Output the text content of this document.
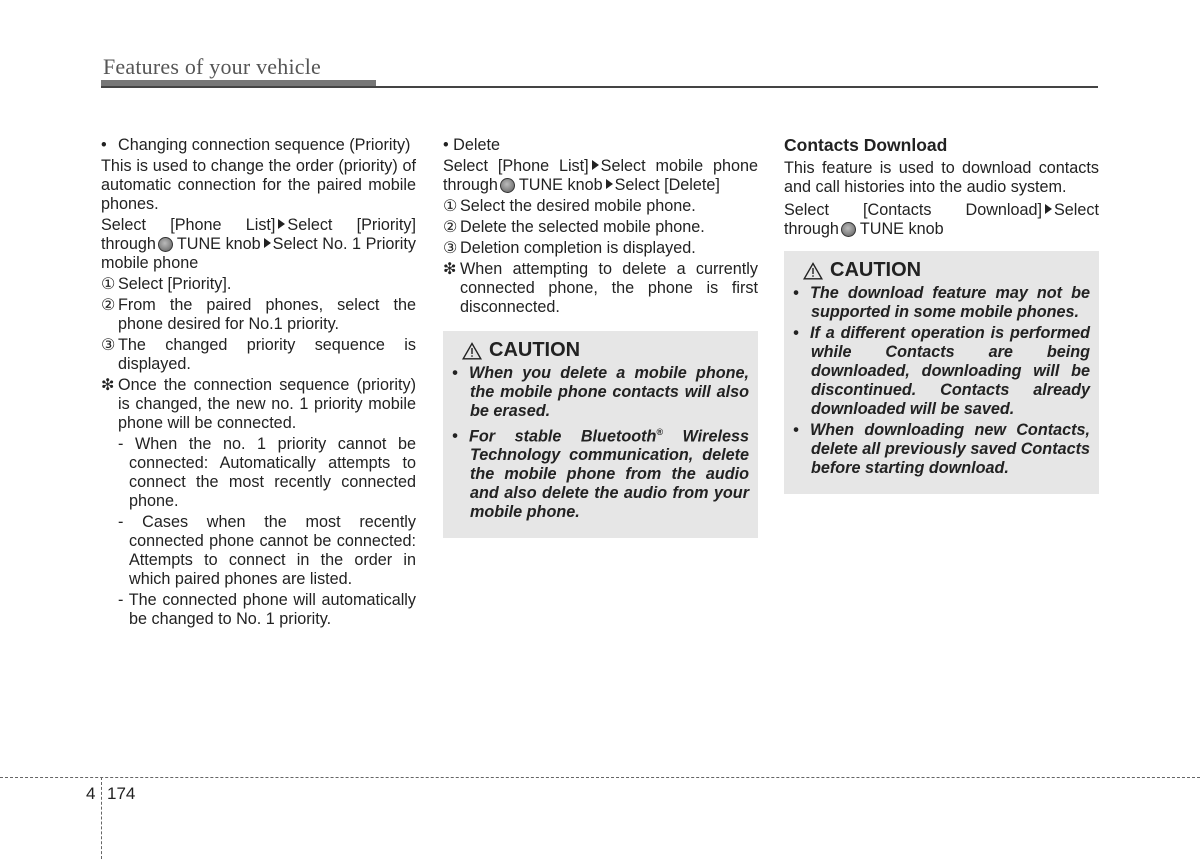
Features of your vehicle

• Changing connection sequence (Priority)

This is used to change the order (priority) of automatic connection for the paired mobile phones.

Select [Phone List] Select [Priority] through TUNE knob Select No. 1 Priority mobile phone

① Select [Priority].

② From the paired phones, select the phone desired for No.1 priority.

③ The changed priority sequence is displayed.

❇ Once the connection sequence (priority) is changed, the new no. 1 priority mobile phone will be connected.

- When the no. 1 priority cannot be connected: Automatically attempts to connect the most recently connected phone.

- Cases when the most recently connected phone cannot be connected: Attempts to connect in the order in which paired phones are listed.

- The connected phone will automatically be changed to No. 1 priority.

• Delete

Select [Phone List] Select mobile phone through TUNE knob Select [Delete]

① Select the desired mobile phone.

② Delete the selected mobile phone.

③ Deletion completion is displayed.

❇ When attempting to delete a currently connected phone, the phone is first disconnected.

CAUTION

• When you delete a mobile phone, the mobile phone contacts will also be erased.

• For stable Bluetooth® Wireless Technology communication, delete the mobile phone from the audio and also delete the audio from your mobile phone.

Contacts Download

This feature is used to download contacts and call histories into the audio system.

Select [Contacts Download] Select through TUNE knob

CAUTION

• The download feature may not be supported in some mobile phones.

• If a different operation is performed while Contacts are being downloaded, downloading will be discontinued. Contacts already downloaded will be saved.

• When downloading new Contacts, delete all previously saved Contacts before starting download.

4 174
